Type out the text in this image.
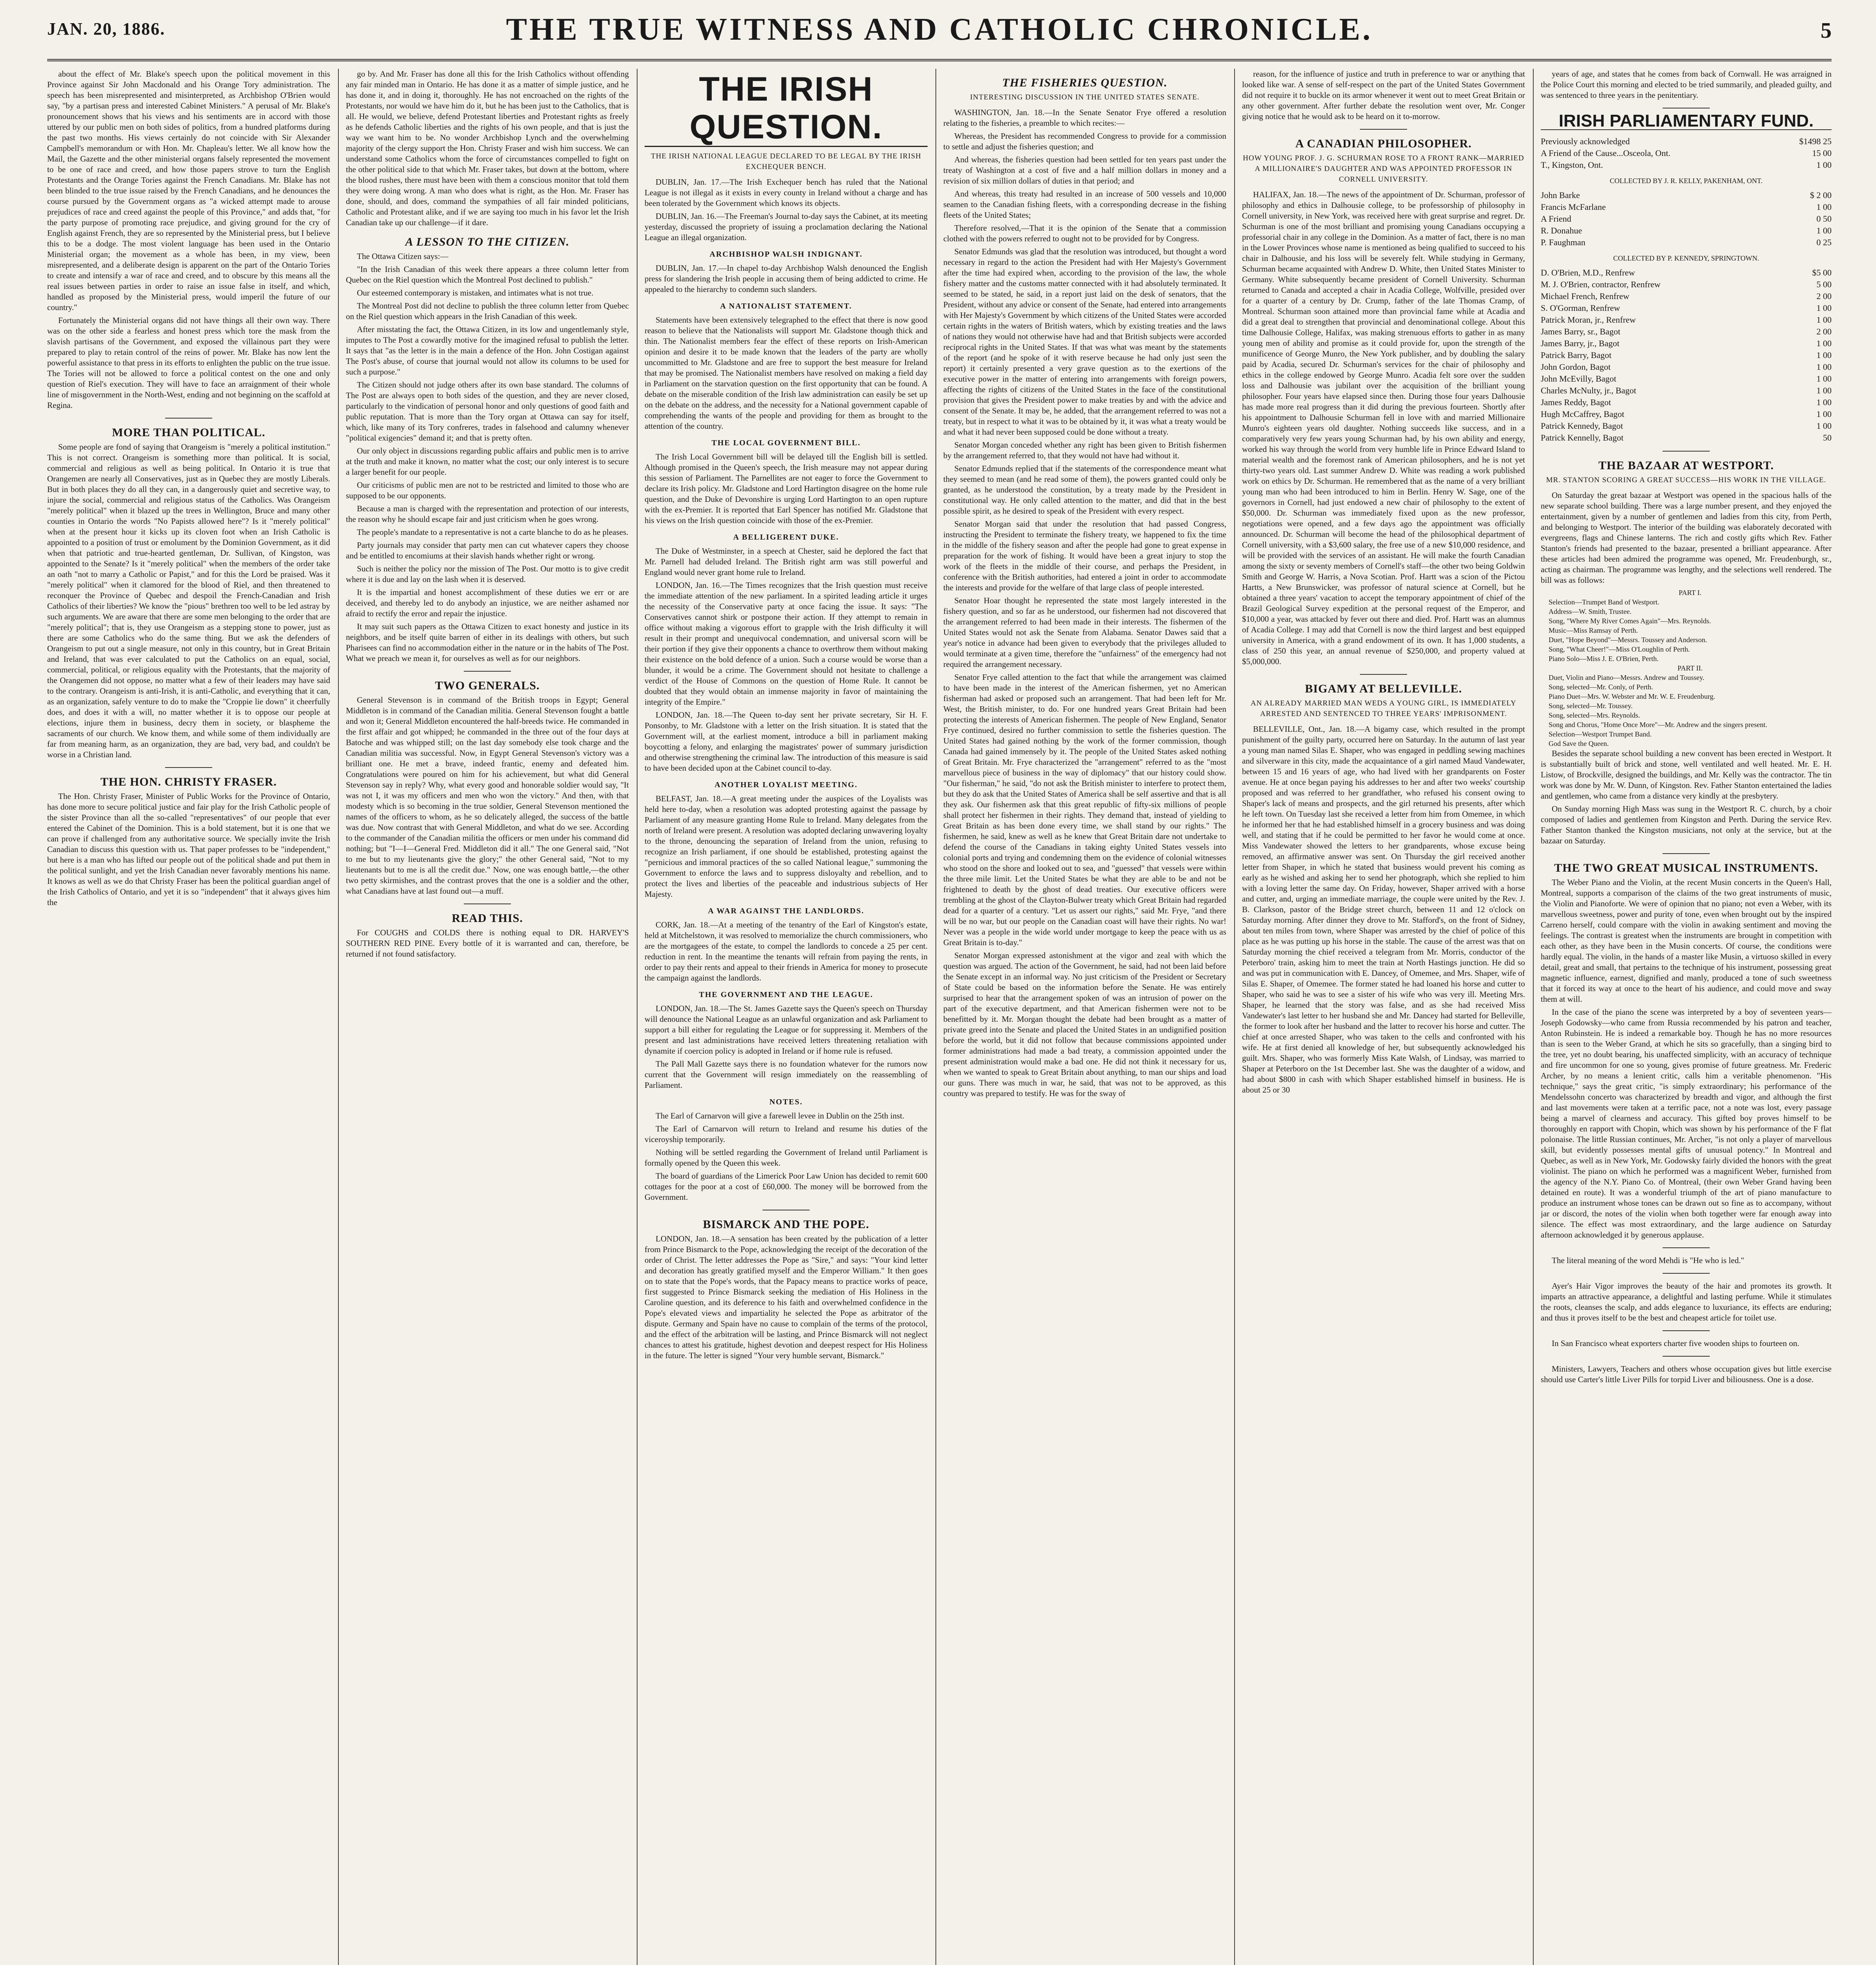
JAN. 20, 1886.	THE TRUE WITNESS AND CATHOLIC CHRONICLE.	5

about the effect of Mr. Blake's speech upon the political movement in this Province against Sir John Macdonald and his Orange Tory administration. The speech has been misrepresented and misinterpreted, as Archbishop O'Brien would say, "by a partisan press and interested Cabinet Ministers." A perusal of Mr. Blake's pronouncement shows that his views and his sentiments are in accord with those uttered by our public men on both sides of politics, from a hundred platforms during the past two months. His views certainly do not coincide with Sir Alexander Campbell's memorandum or with Hon. Mr. Chapleau's letter. We all know how the Mail, the Gazette and the other ministerial organs falsely represented the movement to be one of race and creed, and how those papers strove to turn the English Protestants and the Orange Tories against the French Canadians. Mr. Blake has not been blinded to the true issue raised by the French Canadians, and he denounces the course pursued by the Government organs as "a wicked attempt made to arouse prejudices of race and creed against the people of this Province," and adds that, "for the party purpose of promoting race prejudice, and giving ground for the cry of English against French, they are so represented by the Ministerial press, but I believe this to be a dodge. The most violent language has been used in the Ontario Ministerial organ; the movement as a whole has been, in my view, been misrepresented, and a deliberate design is apparent on the part of the Ontario Tories to create and intensify a war of race and creed, and to obscure by this means all the real issues between parties in order to raise an issue false in itself, and which, handled as proposed by the Ministerial press, would imperil the future of our country."

Fortunately the Ministerial organs did not have things all their own way. There was on the other side a fearless and honest press which tore the mask from the slavish partisans of the Government, and exposed the villainous part they were prepared to play to retain control of the reins of power. Mr. Blake has now lent the powerful assistance to that press in its efforts to enlighten the public on the true issue. The Tories will not be allowed to force a political contest on the one and only question of Riel's execution. They will have to face an arraignment of their whole line of misgovernment in the North-West, ending and not beginning on the scaffold at Regina.

MORE THAN POLITICAL.

Some people are fond of saying that Orangeism is "merely a political institution." This is not correct. Orangeism is something more than political. It is social, commercial and religious as well as being political. In Ontario it is true that Orangemen are nearly all Conservatives, just as in Quebec they are mostly Liberals. But in both places they do all they can, in a dangerously quiet and secretive way, to injure the social, commercial and religious status of the Catholics. Was Orangeism "merely political" when it blazed up the trees in Wellington, Bruce and many other counties in Ontario the words "No Papists allowed here"? Is it "merely political" when at the present hour it kicks up its cloven foot when an Irish Catholic is appointed to a position of trust or emolument by the Dominion Government, as it did when that patriotic and true-hearted gentleman, Dr. Sullivan, of Kingston, was appointed to the Senate? Is it "merely political" when the members of the order take an oath "not to marry a Catholic or Papist," and for this the Lord be praised. Was it "merely political" when it clamored for the blood of Riel, and then threatened to reconquer the Province of Quebec and despoil the French-Canadian and Irish Catholics of their liberties? We know the "pious" brethren too well to be led astray by such arguments. We are aware that there are some men belonging to the order that are "merely political"; that is, they use Orangeism as a stepping stone to power, just as there are some Catholics who do the same thing. But we ask the defenders of Orangeism to put out a single measure, not only in this country, but in Great Britain and Ireland, that was ever calculated to put the Catholics on an equal, social, commercial, political, or religious equality with the Protestants, that the majority of the Orangemen did not oppose, no matter what a few of their leaders may have said to the contrary. Orangeism is anti-Irish, it is anti-Catholic, and everything that it can, as an organization, safely venture to do to make the "Croppie lie down" it cheerfully does, and does it with a will, no matter whether it is to oppose our people at elections, injure them in business, decry them in society, or blaspheme the sacraments of our church. We know them, and while some of them individually are far from meaning harm, as an organization, they are bad, very bad, and couldn't be worse in a Christian land.

THE HON. CHRISTY FRASER.

The Hon. Christy Fraser, Minister of Public Works for the Province of Ontario, has done more to secure political justice and fair play for the Irish Catholic people of the sister Province than all the so-called "representatives" of our people that ever entered the Cabinet of the Dominion. This is a bold statement, but it is one that we can prove if challenged from any authoritative source. We specially invite the Irish Canadian to discuss this question with us. That paper professes to be "independent," but here is a man who has lifted our people out of the political shade and put them in the political sunlight, and yet the Irish Canadian never favorably mentions his name. It knows as well as we do that Christy Fraser has been the political guardian angel of the Irish Catholics of Ontario, and yet it is so "independent" that it always gives him the

go by. And Mr. Fraser has done all this for the Irish Catholics without offending any fair minded man in Ontario. He has done it as a matter of simple justice, and he has done it, and in doing it, thoroughly. He has not encroached on the rights of the Protestants, nor would we have him do it, but he has been just to the Catholics, that is all. He would, we believe, defend Protestant liberties and Protestant rights as freely as he defends Catholic liberties and the rights of his own people, and that is just the way we want him to be. No wonder Archbishop Lynch and the overwhelming majority of the clergy support the Hon. Christy Fraser and wish him success. We can understand some Catholics whom the force of circumstances compelled to fight on the other political side to that which Mr. Fraser takes, but down at the bottom, where the blood rushes, there must have been with them a conscious monitor that told them they were doing wrong. A man who does what is right, as the Hon. Mr. Fraser has done, should, and does, command the sympathies of all fair minded politicians, Catholic and Protestant alike, and if we are saying too much in his favor let the Irish Canadian take up our challenge—if it dare.

A LESSON TO THE CITIZEN.

The Ottawa Citizen says:—

"In the Irish Canadian of this week there appears a three column letter from Quebec on the Riel question which the Montreal Post declined to publish."

Our esteemed contemporary is mistaken, and intimates what is not true.

The Montreal Post did not decline to publish the three column letter from Quebec on the Riel question which appears in the Irish Canadian of this week.

After misstating the fact, the Ottawa Citizen, in its low and ungentlemanly style, imputes to The Post a cowardly motive for the imagined refusal to publish the letter. It says that "as the letter is in the main a defence of the Hon. John Costigan against The Post's abuse, of course that journal would not allow its columns to be used for such a purpose."

The Citizen should not judge others after its own base standard. The columns of The Post are always open to both sides of the question, and they are never closed, particularly to the vindication of personal honor and only questions of good faith and public reputation. That is more than the Tory organ at Ottawa can say for itself, which, like many of its Tory confreres, trades in falsehood and calumny whenever "political exigencies" demand it; and that is pretty often.

Our only object in discussions regarding public affairs and public men is to arrive at the truth and make it known, no matter what the cost; our only interest is to secure a larger benefit for our people.

Our criticisms of public men are not to be restricted and limited to those who are supposed to be our opponents.

Because a man is charged with the representation and protection of our interests, the reason why he should escape fair and just criticism when he goes wrong.

The people's mandate to a representative is not a carte blanche to do as he pleases.

Party journals may consider that party men can cut whatever capers they choose and be entitled to encomiums at their slavish hands whether right or wrong.

Such is neither the policy nor the mission of The Post. Our motto is to give credit where it is due and lay on the lash when it is deserved.

It is the impartial and honest accomplishment of these duties we err or are deceived, and thereby led to do anybody an injustice, we are neither ashamed nor afraid to rectify the error and repair the injustice.

It may suit such papers as the Ottawa Citizen to exact honesty and justice in its neighbors, and be itself quite barren of either in its dealings with others, but such Pharisees can find no accommodation either in the nature or in the habits of The Post. What we preach we mean it, for ourselves as well as for our neighbors.

TWO GENERALS.

General Stevenson is in command of the British troops in Egypt; General Middleton is in command of the Canadian militia. General Stevenson fought a battle and won it; General Middleton encountered the half-breeds twice. He commanded in the first affair and got whipped; he commanded in the three out of the four days at Batoche and was whipped still; on the last day somebody else took charge and the Canadian militia was successful. Now, in Egypt General Stevenson's victory was a brilliant one. He met a brave, indeed frantic, enemy and defeated him. Congratulations were poured on him for his achievement, but what did General Stevenson say in reply? Why, what every good and honorable soldier would say, "It was not I, it was my officers and men who won the victory." And then, with that modesty which is so becoming in the true soldier, General Stevenson mentioned the names of the officers to whom, as he so delicately alleged, the success of the battle was due. Now contrast that with General Middleton, and what do we see. According to the commander of the Canadian militia the officers or men under his command did nothing; but "I—I—General Fred. Middleton did it all." The one General said, "Not to me but to my lieutenants give the glory;" the other General said, "Not to my lieutenants but to me is all the credit due." Now, one was enough battle,—the other two petty skirmishes, and the contrast proves that the one is a soldier and the other, what Canadians have at last found out—a muff.

READ THIS.

For COUGHS and COLDS there is nothing equal to DR. HARVEY'S SOUTHERN RED PINE. Every bottle of it is warranted and can, therefore, be returned if not found satisfactory.

THE IRISH QUESTION.
THE IRISH NATIONAL LEAGUE DECLARED TO BE LEGAL BY THE IRISH EXCHEQUER BENCH.

DUBLIN, Jan. 17.—The Irish Exchequer bench has ruled that the National League is not illegal as it exists in every county in Ireland without a charge and has been tolerated by the Government which knows its objects.

DUBLIN, Jan. 16.—The Freeman's Journal to-day says the Cabinet, at its meeting yesterday, discussed the propriety of issuing a proclamation declaring the National League an illegal organization.

ARCHBISHOP WALSH INDIGNANT.

DUBLIN, Jan. 17.—In chapel to-day Archbishop Walsh denounced the English press for slandering the Irish people in accusing them of being addicted to crime. He appealed to the hierarchy to condemn such slanders.

A NATIONALIST STATEMENT.

Statements have been extensively telegraphed to the effect that there is now good reason to believe that the Nationalists will support Mr. Gladstone though thick and thin. The Nationalist members fear the effect of these reports on Irish-American opinion and desire it to be made known that the leaders of the party are wholly uncommitted to Mr. Gladstone and are free to support the best measure for Ireland that may be promised. The Nationalist members have resolved on making a field day in Parliament on the starvation question on the first opportunity that can be found. A debate on the miserable condition of the Irish law administration can easily be set up on the debate on the address, and the necessity for a National government capable of comprehending the wants of the people and providing for them as brought to the attention of the country.

THE LOCAL GOVERNMENT BILL.

The Irish Local Government bill will be delayed till the English bill is settled. Although promised in the Queen's speech, the Irish measure may not appear during this session of Parliament. The Parnellites are not eager to force the Government to declare its Irish policy. Mr. Gladstone and Lord Hartington disagree on the home rule question, and the Duke of Devonshire is urging Lord Hartington to an open rupture with the ex-Premier. It is reported that Earl Spencer has notified Mr. Gladstone that his views on the Irish question coincide with those of the ex-Premier.

A BELLIGERENT DUKE.

The Duke of Westminster, in a speech at Chester, said he deplored the fact that Mr. Parnell had deluded Ireland. The British right arm was still powerful and England would never grant home rule to Ireland.

LONDON, Jan. 16.—The Times recognizes that the Irish question must receive the immediate attention of the new parliament. In a spirited leading article it urges the necessity of the Conservative party at once facing the issue. It says: "The Conservatives cannot shirk or postpone their action. If they attempt to remain in office without making a vigorous effort to grapple with the Irish difficulty it will result in their prompt and unequivocal condemnation, and universal scorn will be their portion if they give their opponents a chance to overthrow them without making their existence on the bold defence of a union. Such a course would be worse than a blunder, it would be a crime. The Government should not hesitate to challenge a verdict of the House of Commons on the question of Home Rule. It cannot be doubted that they would obtain an immense majority in favor of maintaining the integrity of the Empire."

LONDON, Jan. 18.—The Queen to-day sent her private secretary, Sir H. F. Ponsonby, to Mr. Gladstone with a letter on the Irish situation. It is stated that the Government will, at the earliest moment, introduce a bill in parliament making boycotting a felony, and enlarging the magistrates' power of summary jurisdiction and otherwise strengthening the criminal law. The introduction of this measure is said to have been decided upon at the Cabinet council to-day.

ANOTHER LOYALIST MEETING.

BELFAST, Jan. 18.—A great meeting under the auspices of the Loyalists was held here to-day, when a resolution was adopted protesting against the passage by Parliament of any measure granting Home Rule to Ireland. Many delegates from the north of Ireland were present. A resolution was adopted declaring unwavering loyalty to the throne, denouncing the separation of Ireland from the union, refusing to recognize an Irish parliament, if one should be established, protesting against the "pernicious and immoral practices of the so called National league," summoning the Government to enforce the laws and to suppress disloyalty and rebellion, and to protect the lives and liberties of the peaceable and industrious subjects of Her Majesty.

A WAR AGAINST THE LANDLORDS.

CORK, Jan. 18.—At a meeting of the tenantry of the Earl of Kingston's estate, held at Mitchelstown, it was resolved to memorialize the church commissioners, who are the mortgagees of the estate, to compel the landlords to concede a 25 per cent. reduction in rent. In the meantime the tenants will refrain from paying the rents, in order to pay their rents and appeal to their friends in America for money to prosecute the campaign against the landlords.

THE GOVERNMENT AND THE LEAGUE.

LONDON, Jan. 18.—The St. James Gazette says the Queen's speech on Thursday will denounce the National League as an unlawful organization and ask Parliament to support a bill either for regulating the League or for suppressing it. Members of the present and last administrations have received letters threatening retaliation with dynamite if coercion policy is adopted in Ireland or if home rule is refused.

The Pall Mall Gazette says there is no foundation whatever for the rumors now current that the Government will resign immediately on the reassembling of Parliament.

NOTES.

The Earl of Carnarvon will give a farewell levee in Dublin on the 25th inst.

The Earl of Carnarvon will return to Ireland and resume his duties of the viceroyship temporarily.

Nothing will be settled regarding the Government of Ireland until Parliament is formally opened by the Queen this week.

The board of guardians of the Limerick Poor Law Union has decided to remit 600 cottages for the poor at a cost of £60,000. The money will be borrowed from the Government.

BISMARCK AND THE POPE.

LONDON, Jan. 18.—A sensation has been created by the publication of a letter from Prince Bismarck to the Pope, acknowledging the receipt of the decoration of the order of Christ. The letter addresses the Pope as "Sire," and says: "Your kind letter and decoration has greatly gratified myself and the Emperor William." It then goes on to state that the Pope's words, that the Papacy means to practice works of peace, first suggested to Prince Bismarck seeking the mediation of His Holiness in the Caroline question, and its deference to his faith and overwhelmed confidence in the Pope's elevated views and impartiality he selected the Pope as arbitrator of the dispute. Germany and Spain have no cause to complain of the terms of the protocol, and the effect of the arbitration will be lasting, and Prince Bismarck will not neglect chances to attest his gratitude, highest devotion and deepest respect for His Holiness in the future. The letter is signed "Your very humble servant, Bismarck."

THE FISHERIES QUESTION.
INTERESTING DISCUSSION IN THE UNITED STATES SENATE.

WASHINGTON, Jan. 18.—In the Senate Senator Frye offered a resolution relating to the fisheries, a preamble to which recites:—

Whereas, the President has recommended Congress to provide for a commission to settle and adjust the fisheries question; and

And whereas, the fisheries question had been settled for ten years past under the treaty of Washington at a cost of five and a half million dollars in money and a revision of six million dollars of duties in that period; and

And whereas, this treaty had resulted in an increase of 500 vessels and 10,000 seamen to the Canadian fishing fleets, with a corresponding decrease in the fishing fleets of the United States;

Therefore resolved,—That it is the opinion of the Senate that a commission clothed with the powers referred to ought not to be provided for by Congress.

Senator Edmunds was glad that the resolution was introduced, but thought a word necessary in regard to the action the President had with Her Majesty's Government after the time had expired when, according to the provision of the law, the whole fishery matter and the customs matter connected with it had absolutely terminated. It seemed to be stated, he said, in a report just laid on the desk of senators, that the President, without any advice or consent of the Senate, had entered into arrangements with Her Majesty's Government by which citizens of the United States were accorded certain rights in the waters of British waters, which by existing treaties and the laws of nations they would not otherwise have had and that British subjects were accorded reciprocal rights in the United States. If that was what was meant by the statements of the report (and he spoke of it with reserve because he had only just seen the report) it certainly presented a very grave question as to the exertions of the executive power in the matter of entering into arrangements with foreign powers, affecting the rights of citizens of the United States in the face of the constitutional provision that gives the President power to make treaties by and with the advice and consent of the Senate. It may be, he added, that the arrangement referred to was not a treaty, but in respect to what it was to be obtained by it, it was what a treaty would be and what it had never been supposed could be done without a treaty.

Senator Morgan conceded whether any right has been given to British fishermen by the arrangement referred to, that they would not have had without it.

Senator Edmunds replied that if the statements of the correspondence meant what they seemed to mean (and he read some of them), the powers granted could only be granted, as he understood the constitution, by a treaty made by the President in constitutional way. He only called attention to the matter, and did that in the best possible spirit, as he desired to speak of the President with every respect.

Senator Morgan said that under the resolution that had passed Congress, instructing the President to terminate the fishery treaty, we happened to fix the time in the middle of the fishery season and after the people had gone to great expense in preparation for the work of fishing. It would have been a great injury to stop the work of the fleets in the middle of their course, and perhaps the President, in conference with the British authorities, had entered a joint in order to accommodate the interests and provide for the welfare of that large class of people interested.

Senator Hoar thought he represented the state most largely interested in the fishery question, and so far as he understood, our fishermen had not discovered that the arrangement referred to had been made in their interests. The fishermen of the United States would not ask the Senate from Alabama. Senator Dawes said that a year's notice in advance had been given to everybody that the privileges alluded to would terminate at a given time, therefore the "unfairness" of the emergency had not required the arrangement necessary.

Senator Frye called attention to the fact that while the arrangement was claimed to have been made in the interest of the American fishermen, yet no American fisherman had asked or proposed such an arrangement. That had been left for Mr. West, the British minister, to do. For one hundred years Great Britain had been protecting the interests of American fishermen. The people of New England, Senator Frye continued, desired no further commission to settle the fisheries question. The United States had gained nothing by the work of the former commission, though Canada had gained immensely by it. The people of the United States asked nothing of Great Britain. Mr. Frye characterized the "arrangement" referred to as the "most marvellous piece of business in the way of diplomacy" that our history could show. "Our fisherman," he said, "do not ask the British minister to interfere to protect them, but they do ask that the United States of America shall be self assertive and that is all they ask. Our fishermen ask that this great republic of fifty-six millions of people shall protect her fishermen in their rights. They demand that, instead of yielding to Great Britain as has been done every time, we shall stand by our rights." The fishermen, he said, knew as well as he knew that Great Britain dare not undertake to defend the course of the Canadians in taking eighty United States vessels into colonial ports and trying and condemning them on the evidence of colonial witnesses who stood on the shore and looked out to sea, and "guessed" that vessels were within the three mile limit. Let the United States be what they are able to be and not be frightened to death by the ghost of dead treaties. Our executive officers were trembling at the ghost of the Clayton-Bulwer treaty which Great Britain had regarded dead for a quarter of a century. "Let us assert our rights," said Mr. Frye, "and there will be no war, but our people on the Canadian coast will have their rights. No war! Never was a people in the wide world under mortgage to keep the peace with us as Great Britain is to-day."

Senator Morgan expressed astonishment at the vigor and zeal with which the question was argued. The action of the Government, he said, had not been laid before the Senate except in an informal way. No just criticism of the President or Secretary of State could be based on the information before the Senate. He was entirely surprised to hear that the arrangement spoken of was an intrusion of power on the part of the executive department, and that American fishermen were not to be benefitted by it. Mr. Morgan thought the debate had been brought as a matter of private greed into the Senate and placed the United States in an undignified position before the world, but it did not follow that because commissions appointed under former administrations had made a bad treaty, a commission appointed under the present administration would make a bad one. He did not think it necessary for us, when we wanted to speak to Great Britain about anything, to man our ships and load our guns. There was much in war, he said, that was not to be approved, as this country was prepared to testify. He was for the sway of

reason, for the influence of justice and truth in preference to war or anything that looked like war. A sense of self-respect on the part of the United States Government did not require it to buckle on its armor whenever it went out to meet Great Britain or any other government. After further debate the resolution went over, Mr. Conger giving notice that he would ask to be heard on it to-morrow.

A CANADIAN PHILOSOPHER.
HOW YOUNG PROF. J. G. SCHURMAN ROSE TO A FRONT RANK—MARRIED A MILLIONAIRE'S DAUGHTER AND WAS APPOINTED PROFESSOR IN CORNELL UNIVERSITY.

HALIFAX, Jan. 18.—The news of the appointment of Dr. Schurman, professor of philosophy and ethics in Dalhousie college, to be professorship of philosophy in Cornell university, in New York, was received here with great surprise and regret. Dr. Schurman is one of the most brilliant and promising young Canadians occupying a professorial chair in any college in the Dominion. As a matter of fact, there is no man in the Lower Provinces whose name is mentioned as being qualified to succeed to his chair in Dalhousie, and his loss will be severely felt. While studying in Germany, Schurman became acquainted with Andrew D. White, then United States Minister to Germany. White subsequently became president of Cornell University. Schurman returned to Canada and accepted a chair in Acadia College, Wolfville, presided over for a quarter of a century by Dr. Crump, father of the late Thomas Cramp, of Montreal. Schurman soon attained more than provincial fame while at Acadia and did a great deal to strengthen that provincial and denominational college. About this time Dalhousie College, Halifax, was making strenuous efforts to gather in as many young men of ability and promise as it could provide for, upon the strength of the munificence of George Munro, the New York publisher, and by doubling the salary paid by Acadia, secured Dr. Schurman's services for the chair of philosophy and ethics in the college endowed by George Munro. Acadia felt sore over the sudden loss and Dalhousie was jubilant over the acquisition of the brilliant young philosopher. Four years have elapsed since then. During those four years Dalhousie has made more real progress than it did during the previous fourteen. Shortly after his appointment to Dalhousie Schurman fell in love with and married Millionaire Munro's eighteen years old daughter. Nothing succeeds like success, and in a comparatively very few years young Schurman had, by his own ability and energy, worked his way through the world from very humble life in Prince Edward Island to material wealth and the foremost rank of American philosophers, and he is not yet thirty-two years old. Last summer Andrew D. White was reading a work published work on ethics by Dr. Schurman. He remembered that as the name of a very brilliant young man who had been introduced to him in Berlin. Henry W. Sage, one of the governors in Cornell, had just endowed a new chair of philosophy to the extent of $50,000. Dr. Schurman was immediately fixed upon as the new professor, negotiations were opened, and a few days ago the appointment was officially announced. Dr. Schurman will become the head of the philosophical department of Cornell university, with a $3,600 salary, the free use of a new $10,000 residence, and will be provided with the services of an assistant. He will make the fourth Canadian among the sixty or seventy members of Cornell's staff—the other two being Goldwin Smith and George W. Harris, a Nova Scotian. Prof. Hartt was a scion of the Pictou Hartts, a New Brunswicker, was professor of natural science at Cornell, but he obtained a three years' vacation to accept the temporary appointment of chief of the Brazil Geological Survey expedition at the personal request of the Emperor, and $10,000 a year, was attacked by fever out there and died. Prof. Hartt was an alumnus of Acadia College. I may add that Cornell is now the third largest and best equipped university in America, with a grand endowment of its own. It has 1,000 students, a class of 250 this year, an annual revenue of $250,000, and property valued at $5,000,000.

BIGAMY AT BELLEVILLE.
AN ALREADY MARRIED MAN WEDS A YOUNG GIRL, IS IMMEDIATELY ARRESTED AND SENTENCED TO THREE YEARS' IMPRISONMENT.

BELLEVILLE, Ont., Jan. 18.—A bigamy case, which resulted in the prompt punishment of the guilty party, occurred here on Saturday. In the autumn of last year a young man named Silas E. Shaper, who was engaged in peddling sewing machines and silverware in this city, made the acquaintance of a girl named Maud Vandewater, between 15 and 16 years of age, who had lived with her grandparents on Foster avenue. He at once began paying his addresses to her and after two weeks' courtship proposed and was referred to her grandfather, who refused his consent owing to Shaper's lack of means and prospects, and the girl returned his presents, after which he left town. On Tuesday last she received a letter from him from Omemee, in which he informed her that he had established himself in a grocery business and was doing well, and stating that if he could be permitted to her favor he would come at once. Miss Vandewater showed the letters to her grandparents, whose excuse being removed, an affirmative answer was sent. On Thursday the girl received another letter from Shaper, in which he stated that business would prevent his coming as early as he wished and asking her to send her photograph, which she replied to him with a loving letter the same day. On Friday, however, Shaper arrived with a horse and cutter, and, urging an immediate marriage, the couple were united by the Rev. J. B. Clarkson, pastor of the Bridge street church, between 11 and 12 o'clock on Saturday morning. After dinner they drove to Mr. Stafford's, on the front of Sidney, about ten miles from town, where Shaper was arrested by the chief of police of this place as he was putting up his horse in the stable. The cause of the arrest was that on Saturday morning the chief received a telegram from Mr. Morris, conductor of the Peterboro' train, asking him to meet the train at North Hastings junction. He did so and was put in communication with E. Dancey, of Omemee, and Mrs. Shaper, wife of Silas E. Shaper, of Omemee. The former stated he had loaned his horse and cutter to Shaper, who said he was to see a sister of his wife who was very ill. Meeting Mrs. Shaper, he learned that the story was false, and as she had received Miss Vandewater's last letter to her husband she and Mr. Dancey had started for Belleville, the former to look after her husband and the latter to recover his horse and cutter. The chief at once arrested Shaper, who was taken to the cells and confronted with his wife. He at first denied all knowledge of her, but subsequently acknowledged his guilt. Mrs. Shaper, who was formerly Miss Kate Walsh, of Lindsay, was married to Shaper at Peterboro on the 1st December last. She was the daughter of a widow, and had about $800 in cash with which Shaper established himself in business. He is about 25 or 30

years of age, and states that he comes from back of Cornwall. He was arraigned in the Police Court this morning and elected to be tried summarily, and pleaded guilty, and was sentenced to three years in the penitentiary.

IRISH PARLIAMENTARY FUND.
Previously acknowledged	$1498 25
A Friend of the Cause...Osceola, Ont.	15 00
T., Kingston, Ont.	1 00
COLLECTED BY J. R. KELLY, PAKENHAM, ONT.
John Barke	$ 2 00
Francis McFarlane	1 00
A Friend	0 50
R. Donahue	1 00
P. Faughman	0 25
COLLECTED BY P. KENNEDY, SPRINGTOWN.
D. O'Brien, M.D., Renfrew	$5 00
M. J. O'Brien, contractor, Renfrew	5 00
Michael French, Renfrew	2 00
S. O'Gorman, Renfrew	1 00
Patrick Moran, jr., Renfrew	1 00
James Barry, sr., Bagot	2 00
James Barry, jr., Bagot	1 00
Patrick Barry, Bagot	1 00
John Gordon, Bagot	1 00
John McEvilly, Bagot	1 00
Charles McNulty, jr., Bagot	1 00
James Reddy, Bagot	1 00
Hugh McCaffrey, Bagot	1 00
Patrick Kennedy, Bagot	1 00
Patrick Kennelly, Bagot	50
THE BAZAAR AT WESTPORT.
MR. STANTON SCORING A GREAT SUCCESS—HIS WORK IN THE VILLAGE.

On Saturday the great bazaar at Westport was opened in the spacious halls of the new separate school building. There was a large number present, and they enjoyed the entertainment, given by a number of gentlemen and ladies from this city, from Perth, and belonging to Westport. The interior of the building was elaborately decorated with evergreens, flags and Chinese lanterns. The rich and costly gifts which Rev. Father Stanton's friends had presented to the bazaar, presented a brilliant appearance. After these articles had been admired the programme was opened, Mr. Freudenburgh, sr., acting as chairman. The programme was lengthy, and the selections well rendered. The bill was as follows:

PART I.
Selection—Trumpet Band of Westport.
Address—W. Smith, Trustee.
Song, "Where My River Comes Again"—Mrs. Reynolds.
Music—Miss Ramsay of Perth.
Duet, "Hope Beyond"—Messrs. Toussey and Anderson.
Song, "What Cheer!"—Miss O'Loughlin of Perth.
Piano Solo—Miss J. E. O'Brien, Perth.
PART II.
Duet, Violin and Piano—Messrs. Andrew and Toussey.
Song, selected—Mr. Conly, of Perth.
Piano Duet—Mrs. W. Webster and Mr. W. E. Freudenburg.
Song, selected—Mr. Toussey.
Song, selected—Mrs. Reynolds.
Song and Chorus, "Home Once More"—Mr. Andrew and the singers present.
Selection—Westport Trumpet Band.
God Save the Queen.

Besides the separate school building a new convent has been erected in Westport. It is substantially built of brick and stone, well ventilated and well heated. Mr. E. H. Listow, of Brockville, designed the buildings, and Mr. Kelly was the contractor. The tin work was done by Mr. W. Dunn, of Kingston. Rev. Father Stanton entertained the ladies and gentlemen, who came from a distance very kindly at the presbytery.

On Sunday morning High Mass was sung in the Westport R. C. church, by a choir composed of ladies and gentlemen from Kingston and Perth. During the service Rev. Father Stanton thanked the Kingston musicians, not only at the service, but at the bazaar on Saturday.

THE TWO GREAT MUSICAL INSTRUMENTS.

The Weber Piano and the Violin, at the recent Musin concerts in the Queen's Hall, Montreal, supports a comparison of the claims of the two great instruments of music, the Violin and Pianoforte. We were of opinion that no piano; not even a Weber, with its marvellous sweetness, power and purity of tone, even when brought out by the inspired Carreno herself, could compare with the violin in awaking sentiment and moving the feelings. The contrast is greatest when the instruments are brought in competition with each other, as they have been in the Musin concerts. Of course, the conditions were hardly equal. The violin, in the hands of a master like Musin, a virtuoso skilled in every detail, great and small, that pertains to the technique of his instrument, possessing great magnetic influence, earnest, dignified and manly, produced a tone of such sweetness that it forced its way at once to the heart of his audience, and could move and sway them at will.

In the case of the piano the scene was interpreted by a boy of seventeen years—Joseph Godowsky—who came from Russia recommended by his patron and teacher, Anton Rubinstein. He is indeed a remarkable boy. Though he has no more resources than is seen to the Weber Grand, at which he sits so gracefully, than a singing bird to the tree, yet no doubt bearing, his unaffected simplicity, with an accuracy of technique and fire uncommon for one so young, gives promise of future greatness. Mr. Frederic Archer, by no means a lenient critic, calls him a veritable phenomenon. "His technique," says the great critic, "is simply extraordinary; his performance of the Mendelssohn concerto was characterized by breadth and vigor, and although the first and last movements were taken at a terrific pace, not a note was lost, every passage being a marvel of clearness and accuracy. This gifted boy proves himself to be thoroughly en rapport with Chopin, which was shown by his performance of the F flat polonaise. The little Russian continues, Mr. Archer, "is not only a player of marvellous skill, but evidently possesses mental gifts of unusual potency." In Montreal and Quebec, as well as in New York, Mr. Godowsky fairly divided the honors with the great violinist. The piano on which he performed was a magnificent Weber, furnished from the agency of the N.Y. Piano Co. of Montreal, (their own Weber Grand having been detained en route). It was a wonderful triumph of the art of piano manufacture to produce an instrument whose tones can be drawn out so fine as to accompany, without jar or discord, the notes of the violin when both together were far enough away into silence. The effect was most extraordinary, and the large audience on Saturday afternoon acknowledged it by generous applause.

The literal meaning of the word Mehdi is "He who is led."

Ayer's Hair Vigor improves the beauty of the hair and promotes its growth. It imparts an attractive appearance, a delightful and lasting perfume. While it stimulates the roots, cleanses the scalp, and adds elegance to luxuriance, its effects are enduring; and thus it proves itself to be the best and cheapest article for toilet use.

In San Francisco wheat exporters charter five wooden ships to fourteen on.

Ministers, Lawyers, Teachers and others whose occupation gives but little exercise should use Carter's little Liver Pills for torpid Liver and biliousness. One is a dose.
